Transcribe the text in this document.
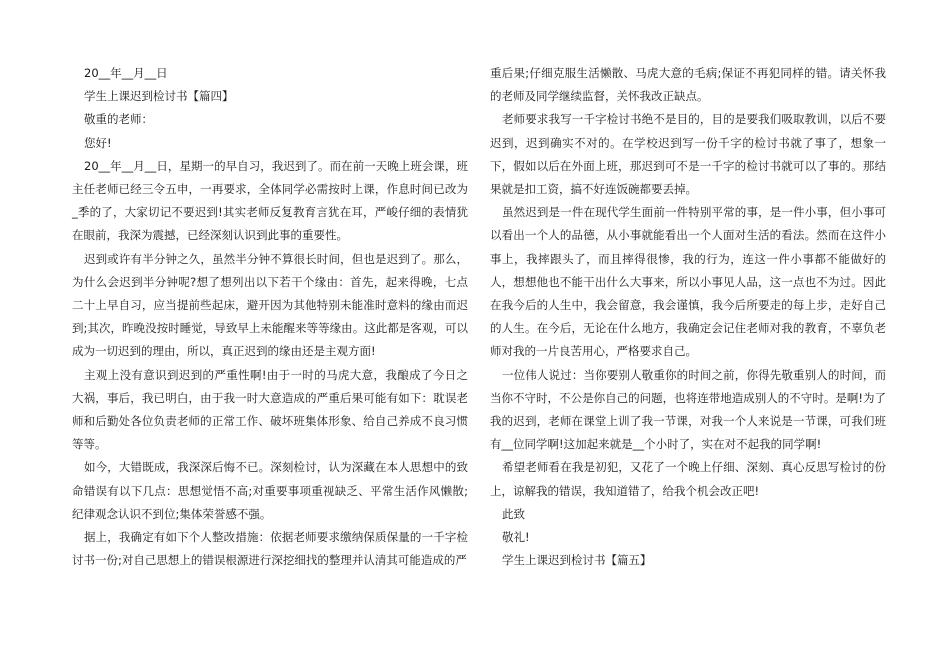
20__年__月__日

学生上课迟到检讨书【篇四】

敬重的老师：

您好!

20__年__月__日，星期一的早自习，我迟到了。而在前一天晚上班会课，班主任老师已经三令五申，一再要求，全体同学必需按时上课，作息时间已改为_季的了，大家切记不要迟到!其实老师反复教育言犹在耳，严峻仔细的表情犹在眼前，我深为震撼，已经深刻认识到此事的重要性。

迟到或许有半分钟之久，虽然半分钟不算很长时间，但也是迟到了。那么，为什么会迟到半分钟呢?想了想列出以下若干个缘由：首先，起来得晚，七点二十上早自习，应当提前些起床，避开因为其他特别未能准时意料的缘由而迟到;其次，昨晚没按时睡觉，导致早上未能醒来等等缘由。这此都是客观，可以成为一切迟到的理由，所以，真正迟到的缘由还是主观方面!

主观上没有意识到迟到的严重性啊!由于一时的马虎大意，我酿成了今日之大祸，事后，我已明白，由于我一时大意造成的严重后果可能有如下：耽误老师和后勤处各位负责老师的正常工作、破坏班集体形象、给自己养成不良习惯等等。

如今，大错既成，我深深后悔不已。深刻检讨，认为深藏在本人思想中的致命错误有以下几点：思想觉悟不高;对重要事项重视缺乏、平常生活作风懒散;纪律观念认识不到位;集体荣誉感不强。

据上，我确定有如下个人整改措施：依据老师要求缴纳保质保量的一千字检讨书一份;对自己思想上的错误根源进行深挖细找的整理并认清其可能造成的严

重后果;仔细克服生活懒散、马虎大意的毛病;保证不再犯同样的错。请关怀我的老师及同学继续监督，关怀我改正缺点。

老师要求我写一千字检讨书绝不是目的，目的是要我们吸取教训，以后不要迟到，迟到确实不对的。在学校迟到写一份千字的检讨书就了事了，想象一下，假如以后在外面上班，那迟到可不是一千字的检讨书就可以了事的。那结果就是扣工资，搞不好连饭碗都要丢掉。

虽然迟到是一件在现代学生面前一件特别平常的事，是一件小事，但小事可以看出一个人的品德，从小事就能看出一个人面对生活的看法。然而在这件小事上，我摔跟头了，而且摔得很惨，我的行为，连这一件小事都不能做好的人，想想他也不能干出什么大事来，所以小事见人品，这一点也不为过。因此在我今后的人生中，我会留意，我会谨慎，我今后所要走的每上步，走好自己的人生。在今后，无论在什么地方，我确定会记住老师对我的教育，不辜负老师对我的一片良苦用心，严格要求自己。

一位伟人说过：当你要别人敬重你的时间之前，你得先敬重别人的时间，而当你不守时，不公是你自己的问题，也将连带地造成别人的不守时。是啊!为了我的迟到，老师在课堂上训了我一节课，对我一个人来说是一节课，可我们班有__位同学啊!这加起来就是__个小时了，实在对不起我的同学啊!

希望老师看在我是初犯，又花了一个晚上仔细、深刻、真心反思写检讨的份上，谅解我的错误，我知道错了，给我个机会改正吧!

此致

敬礼!

学生上课迟到检讨书【篇五】
